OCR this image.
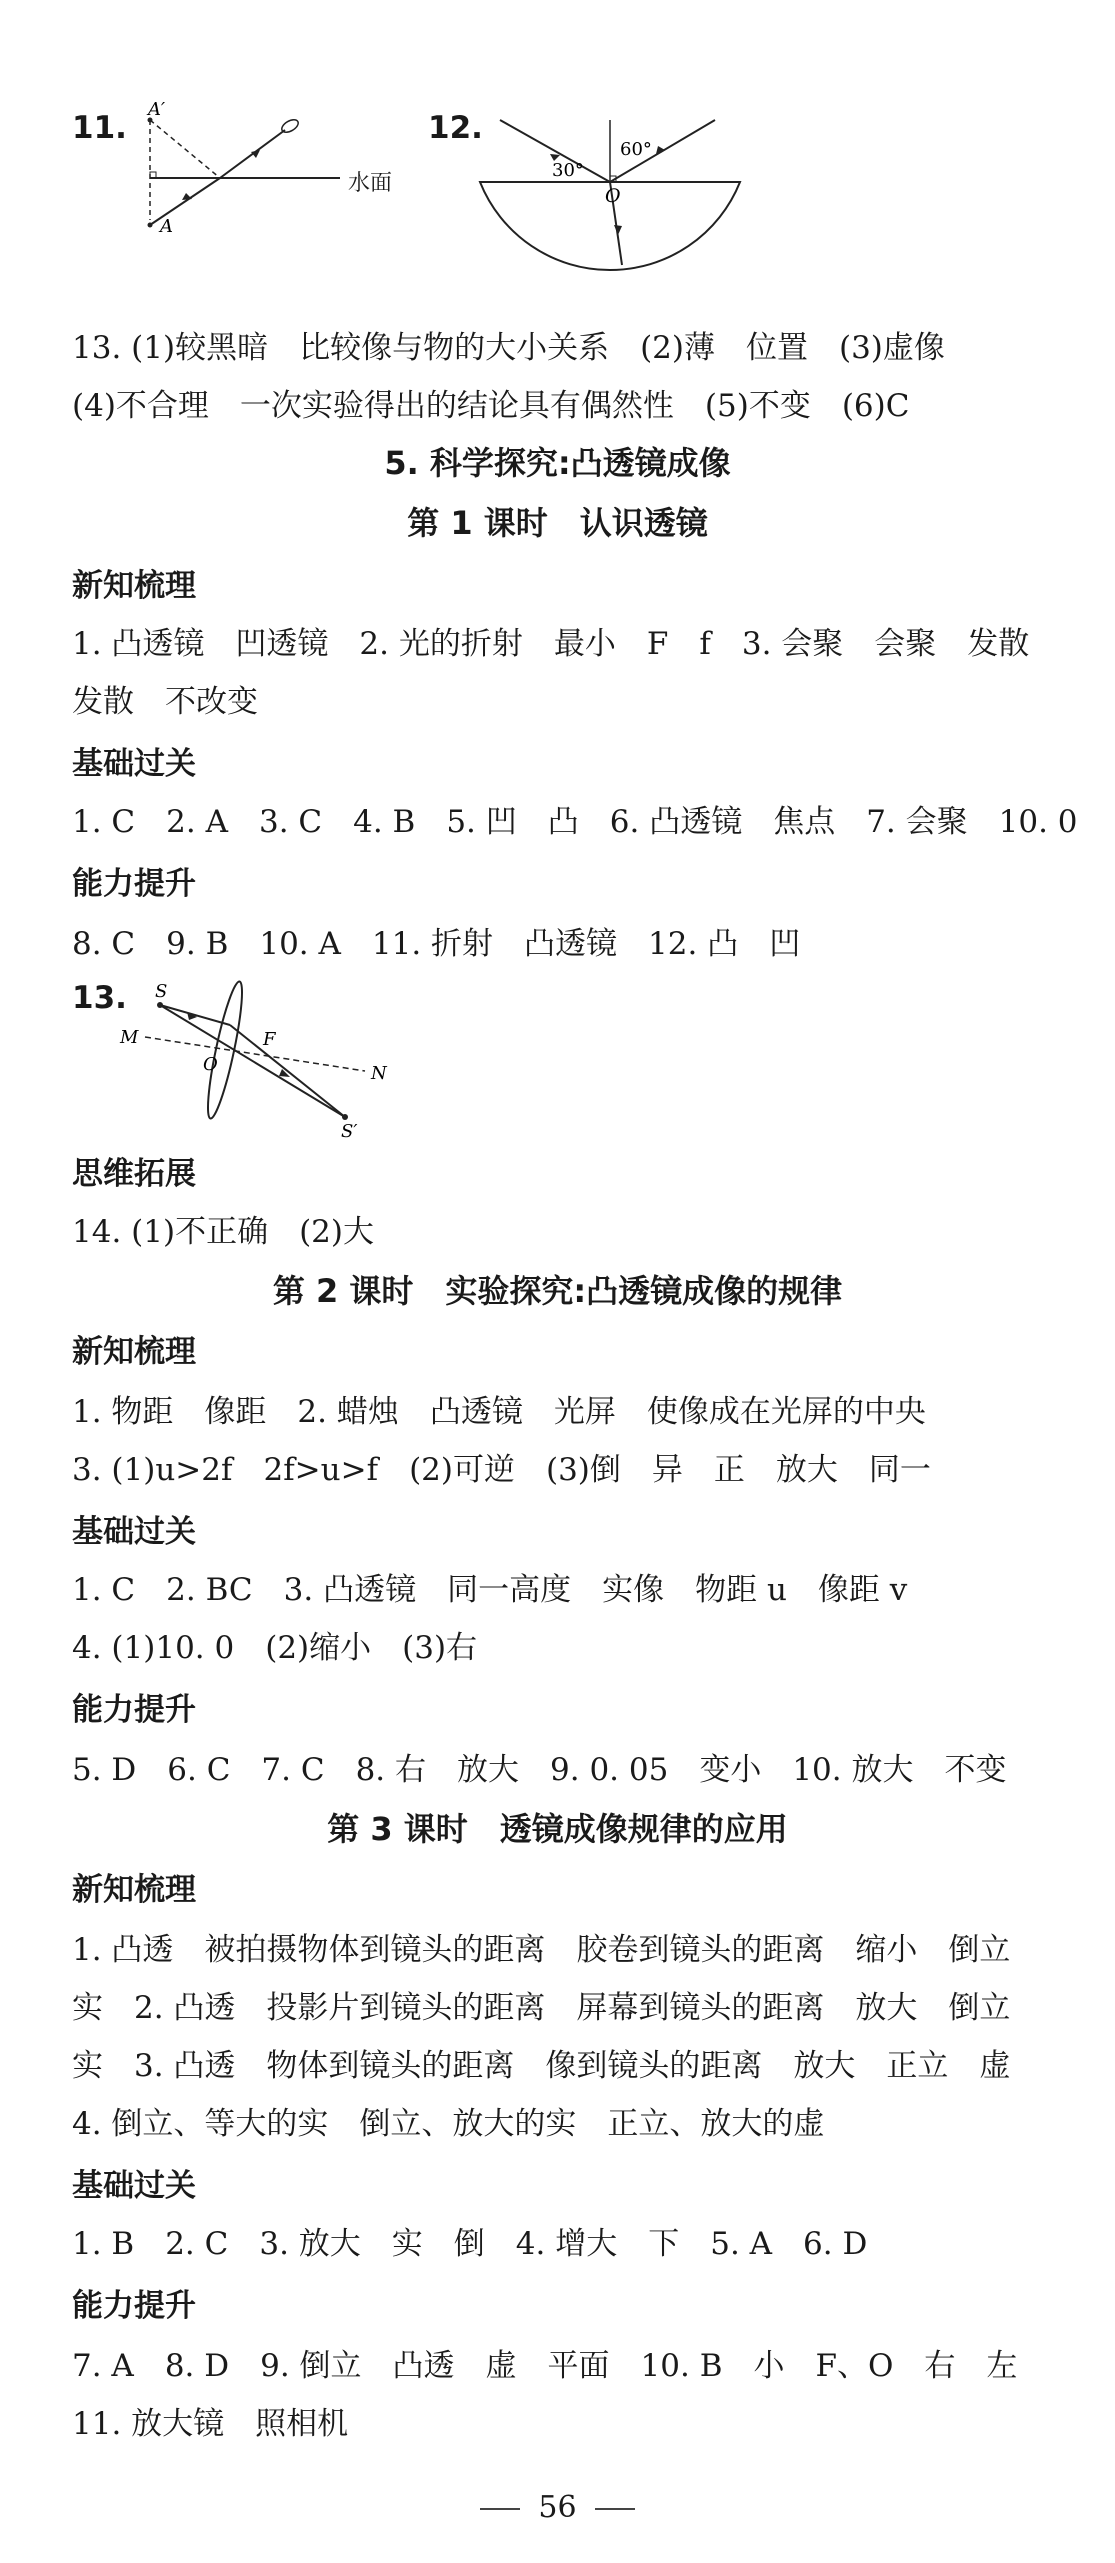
11.
A′
A
水面
12.
60°
30°
O
13. (1)较黑暗　比较像与物的大小关系　(2)薄　位置　(3)虚像
(4)不合理　一次实验得出的结论具有偶然性　(5)不变　(6)C
5. 科学探究:凸透镜成像
第 1 课时　认识透镜
新知梳理
1. 凸透镜　凹透镜　2. 光的折射　最小　F　f　3. 会聚　会聚　发散
发散　不改变
基础过关
1. C　2. A　3. C　4. B　5. 凹　凸　6. 凸透镜　焦点　7. 会聚　10. 0
能力提升
8. C　9. B　10. A　11. 折射　凸透镜　12. 凸　凹
13. S
M	F
O	N
S′
思维拓展
14. (1)不正确　(2)大
第 2 课时　实验探究:凸透镜成像的规律
新知梳理
1. 物距　像距　2. 蜡烛　凸透镜　光屏　使像成在光屏的中央
3. (1)u>2f　2f>u>f　(2)可逆　(3)倒　异　正　放大　同一
基础过关
1. C　2. BC　3. 凸透镜　同一高度　实像　物距 u　像距 v
4. (1)10. 0　(2)缩小　(3)右
能力提升
5. D　6. C　7. C　8. 右　放大　9. 0. 05　变小　10. 放大　不变
第 3 课时　透镜成像规律的应用
新知梳理
1. 凸透　被拍摄物体到镜头的距离　胶卷到镜头的距离　缩小　倒立
实　2. 凸透　投影片到镜头的距离　屏幕到镜头的距离　放大　倒立
实　3. 凸透　物体到镜头的距离　像到镜头的距离　放大　正立　虚
4. 倒立、等大的实　倒立、放大的实　正立、放大的虚
基础过关
1. B　2. C　3. 放大　实　倒　4. 增大　下　5. A　6. D
能力提升
7. A　8. D　9. 倒立　凸透　虚　平面　10. B　小　F、O　右　左
11. 放大镜　照相机
56
